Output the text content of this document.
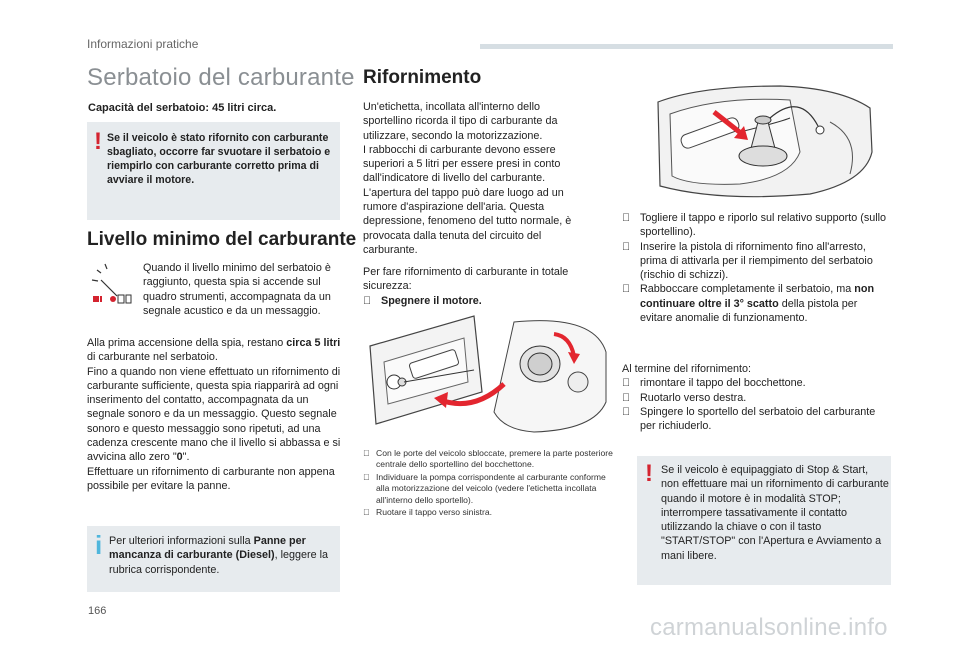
Informazioni pratiche
Serbatoio del carburante
Capacità del serbatoio: 45 litri circa.
! Se il veicolo è stato rifornito con carburante sbagliato, occorre far svuotare il serbatoio e riempirlo con carburante corretto prima di avviare il motore.
Livello minimo del carburante
Quando il livello minimo del serbatoio è raggiunto, questa spia si accende sul quadro strumenti, accompagnata da un segnale acustico e da un messaggio.
Alla prima accensione della spia, restano circa 5 litri di carburante nel serbatoio.
Fino a quando non viene effettuato un rifornimento di carburante sufficiente, questa spia riapparirà ad ogni inserimento del contatto, accompagnata da un segnale sonoro e da un messaggio. Questo segnale sonoro e questo messaggio sono ripetuti, ad una cadenza crescente mano che il livello si abbassa e si avvicina allo zero "0".
Effettuare un rifornimento di carburante non appena possibile per evitare la panne.
i Per ulteriori informazioni sulla Panne per mancanza di carburante (Diesel), leggere la rubrica corrispondente.
Rifornimento
Un'etichetta, incollata all'interno dello sportellino ricorda il tipo di carburante da utilizzare, secondo la motorizzazione.
I rabbocchi di carburante devono essere superiori a 5 litri per essere presi in conto dall'indicatore di livello del carburante.
L'apertura del tappo può dare luogo ad un rumore d'aspirazione dell'aria. Questa depressione, fenomeno del tutto normale, è provocata dalla tenuta del circuito del carburante.
Per fare rifornimento di carburante in totale sicurezza:
Spegnere il motore.
Con le porte del veicolo sbloccate, premere la parte posteriore centrale dello sportellino del bocchettone.
Individuare la pompa corrispondente al carburante conforme alla motorizzazione del veicolo (vedere l'etichetta incollata all'interno dello sportello).
Ruotare il tappo verso sinistra.
Togliere il tappo e riporlo sul relativo supporto (sullo sportellino).
Inserire la pistola di rifornimento fino all'arresto, prima di attivarla per il riempimento del serbatoio (rischio di schizzi).
Rabboccare completamente il serbatoio, ma non continuare oltre il 3° scatto della pistola per evitare anomalie di funzionamento.
Al termine del rifornimento:
rimontare il tappo del bocchettone.
Ruotarlo verso destra.
Spingere lo sportello del serbatoio del carburante per richiuderlo.
! Se il veicolo è equipaggiato di Stop & Start, non effettuare mai un rifornimento di carburante quando il motore è in modalità STOP; interrompere tassativamente il contatto utilizzando la chiave o con il tasto "START/STOP" con l'Apertura e Avviamento a mani libere.
166
carmanualsonline.info
